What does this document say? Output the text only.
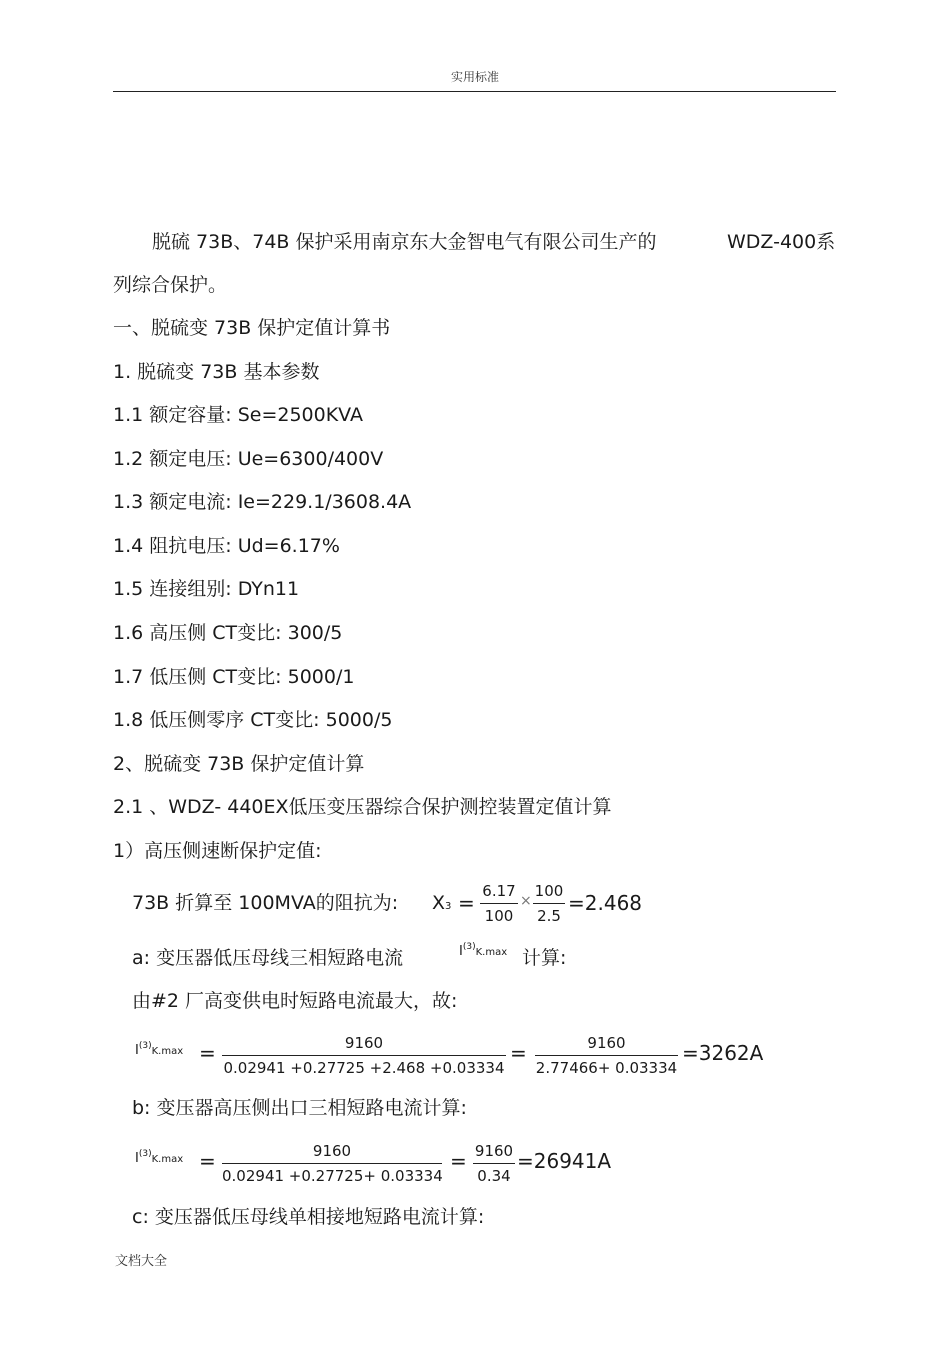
实用标准
脱硫 73B、74B 保护采用南京东大金智电气有限公司生产的	WDZ-400系
列综合保护。
一、脱硫变 73B 保护定值计算书
1. 脱硫变 73B 基本参数
1.1 额定容量: Se=2500KVA
1.2 额定电压: Ue=6300/400V
1.3 额定电流: Ie=229.1/3608.4A
1.4 阻抗电压: Ud=6.17%
1.5 连接组别: DYn11
1.6 高压侧 CT变比: 300/5
1.7 低压侧 CT变比: 5000/1
1.8 低压侧零序 CT变比: 5000/5
2、脱硫变 73B 保护定值计算
2.1 、WDZ- 440EX低压变压器综合保护测控装置定值计算
1）高压侧速断保护定值:
73B 折算至 100MVA的阻抗为: X3 = 6.17
100
×
100
2.5
=2.468
a: 变压器低压母线三相短路电流	$I^{(3)}K.\max$ 计算:
由#2 厂高变供电时短路电流最大，故:
$I^{(3)}K.\max$ =	9160
0.02941 +0.27725 +2.468 +0.03334
=	9160
2.77466+ 0.03334
=3262A
b: 变压器高压侧出口三相短路电流计算:
$I^{(3)}K.\max$ =	9160
0.02941 +0.27725+ 0.03334
= 9160
0.34
=26941A
c: 变压器低压母线单相接地短路电流计算:
文档大全
